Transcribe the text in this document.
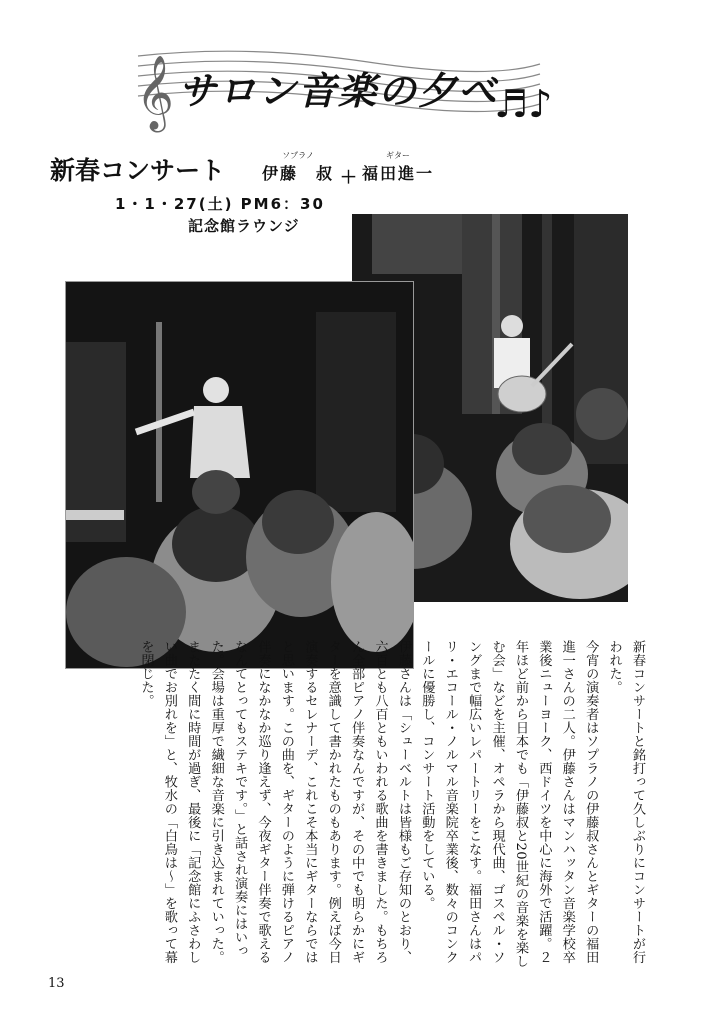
𝄞 サロン音楽の夕べ
♬♪
新春コンサート
ソプラノ
伊藤　叔 ＋
ギター
福田進一
1・1・27(土) PM6：30
記念館ラウンジ

新春コンサートと銘打って久しぶりにコンサートが行われた。

今宵の演奏者はソプラノの伊藤叔さんとギターの福田進一さんの二人。伊藤さんはマンハッタン音楽学校卒業後ニューヨーク、西ドイツを中心に海外で活躍。２年ほど前から日本でも「伊藤叔と20世紀の音楽を楽しむ会」などを主催、オペラから現代曲、ゴスペル・ソングまで幅広いレパートリーをこなす。福田さんはパリ・エコール・ノルマル音楽院卒業後、数々のコンクールに優勝し、コンサート活動をしている。

伊藤さんは「シューベルトは皆様もご存知のとおり、六百とも八百ともいわれる歌曲を書きました。もちろん全部ピアノ伴奏なんですが、その中でも明らかにギターを意識して書かれたものもあります。例えば今日演奏するセレナーデ、これこそ本当にギターならではと思います。この曲を、ギターのように弾けるピアノ伴奏になかなか巡り逢えず、今夜ギター伴奏で歌えるなんてとってもステキです。」と話され演奏にはいった。会場は重厚で繊細な音楽に引き込まれていった。またたく間に時間が過ぎ、最後に「記念館にふさわしい曲でお別れを」と、牧水の「白鳥は～」を歌って幕を閉じた。

13
